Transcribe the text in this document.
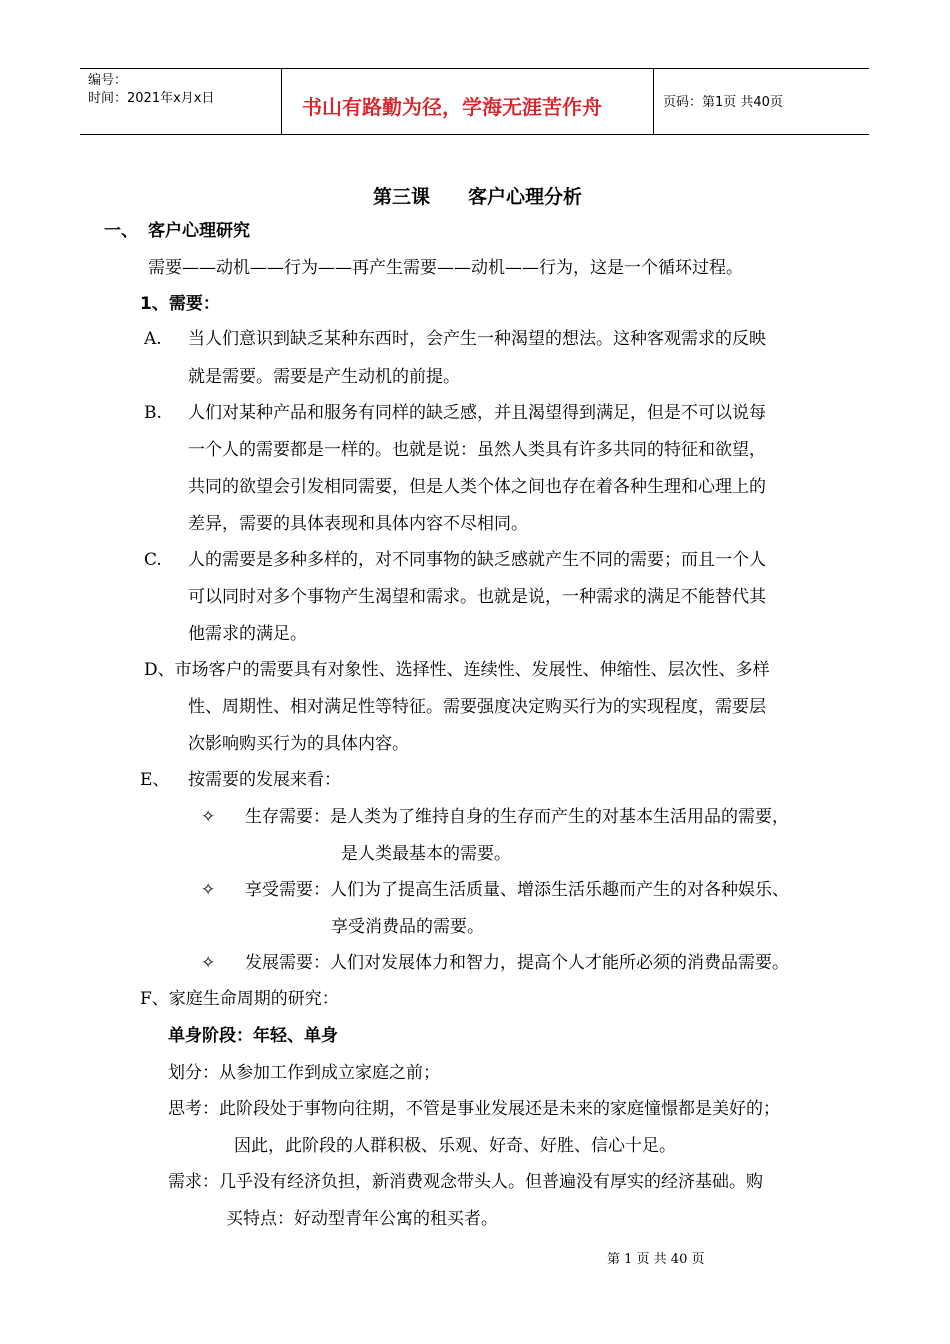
编号：
时间：2021年x月x日	书山有路勤为径，学海无涯苦作舟	页码：第1页 共40页
第三课　　客户心理分析
一、 客户心理研究
需要——动机——行为——再产生需要——动机——行为，这是一个循环过程。
1、需要：
A. 当人们意识到缺乏某种东西时，会产生一种渴望的想法。这种客观需求的反映
就是需要。需要是产生动机的前提。
B. 人们对某种产品和服务有同样的缺乏感，并且渴望得到满足，但是不可以说每
一个人的需要都是一样的。也就是说：虽然人类具有许多共同的特征和欲望，
共同的欲望会引发相同需要，但是人类个体之间也存在着各种生理和心理上的
差异，需要的具体表现和具体内容不尽相同。
C. 人的需要是多种多样的，对不同事物的缺乏感就产生不同的需要；而且一个人
可以同时对多个事物产生渴望和需求。也就是说，一种需求的满足不能替代其
他需求的满足。
D、市场客户的需要具有对象性、选择性、连续性、发展性、伸缩性、层次性、多样
性、周期性、相对满足性等特征。需要强度决定购买行为的实现程度，需要层
次影响购买行为的具体内容。
E、 按需要的发展来看：
✧ 生存需要：是人类为了维持自身的生存而产生的对基本生活用品的需要，
是人类最基本的需要。
✧ 享受需要：人们为了提高生活质量、增添生活乐趣而产生的对各种娱乐、
享受消费品的需要。
✧ 发展需要：人们对发展体力和智力，提高个人才能所必须的消费品需要。
F、家庭生命周期的研究：
单身阶段：年轻、单身
划分：从参加工作到成立家庭之前；
思考：此阶段处于事物向往期，不管是事业发展还是未来的家庭憧憬都是美好的；
因此，此阶段的人群积极、乐观、好奇、好胜、信心十足。
需求：几乎没有经济负担，新消费观念带头人。但普遍没有厚实的经济基础。购
买特点：好动型青年公寓的租买者。
第 1 页 共 40 页
